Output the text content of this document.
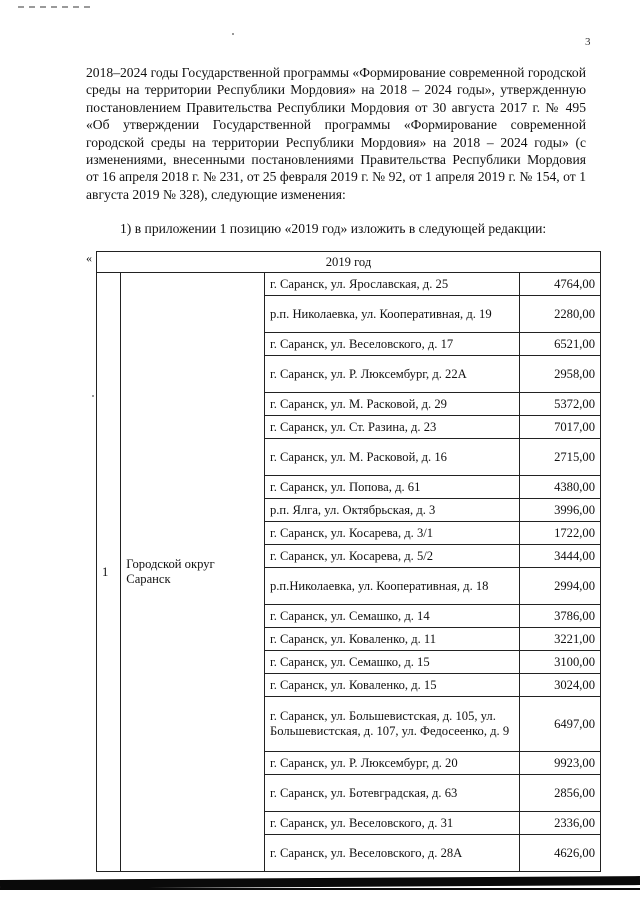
3

2018–2024 годы Государственной программы «Формирование современной городской среды на территории Республики Мордовия» на 2018 – 2024 годы», утвержденную постановлением Правительства Республики Мордовия от 30 августа 2017 г. № 495 «Об утверждении Государственной программы «Формирование современной городской среды на территории Республики Мордовия» на 2018 – 2024 годы» (с изменениями, внесенными постановлениями Правительства Республики Мордовия от 16 апреля 2018 г. № 231, от 25 февраля 2019 г. № 92, от 1 апреля 2019 г. № 154, от 1 августа 2019 № 328), следующие изменения:

1) в приложении 1 позицию «2019 год» изложить в следующей редакции:

«	2019 год			
1	Городской округ Саранск	г. Саранск, ул. Ярославская, д. 25	4764,00
		р.п. Николаевка, ул. Кооперативная, д. 19	2280,00
		г. Саранск, ул. Веселовского, д. 17	6521,00
		г. Саранск, ул. Р. Люксембург, д. 22А	2958,00
		г. Саранск, ул. М. Расковой, д. 29	5372,00
		г. Саранск, ул. Ст. Разина, д. 23	7017,00
		г. Саранск, ул. М. Расковой, д. 16	2715,00
		г. Саранск, ул. Попова, д. 61	4380,00
		р.п. Ялга, ул. Октябрьская, д. 3	3996,00
		г. Саранск, ул. Косарева, д. 3/1	1722,00
		г. Саранск, ул. Косарева, д. 5/2	3444,00
		р.п.Николаевка, ул. Кооперативная, д. 18	2994,00
		г. Саранск, ул. Семашко, д. 14	3786,00
		г. Саранск, ул. Коваленко, д. 11	3221,00
		г. Саранск, ул. Семашко, д. 15	3100,00
		г. Саранск, ул. Коваленко, д. 15	3024,00
		г. Саранск, ул. Большевистская, д. 105, ул. Большевистская, д. 107, ул. Федосеенко, д. 9	6497,00
		г. Саранск, ул. Р. Люксембург, д. 20	9923,00
		г. Саранск, ул. Ботевградская, д. 63	2856,00
		г. Саранск, ул. Веселовского, д. 31	2336,00
		г. Саранск, ул. Веселовского, д. 28А	4626,00
